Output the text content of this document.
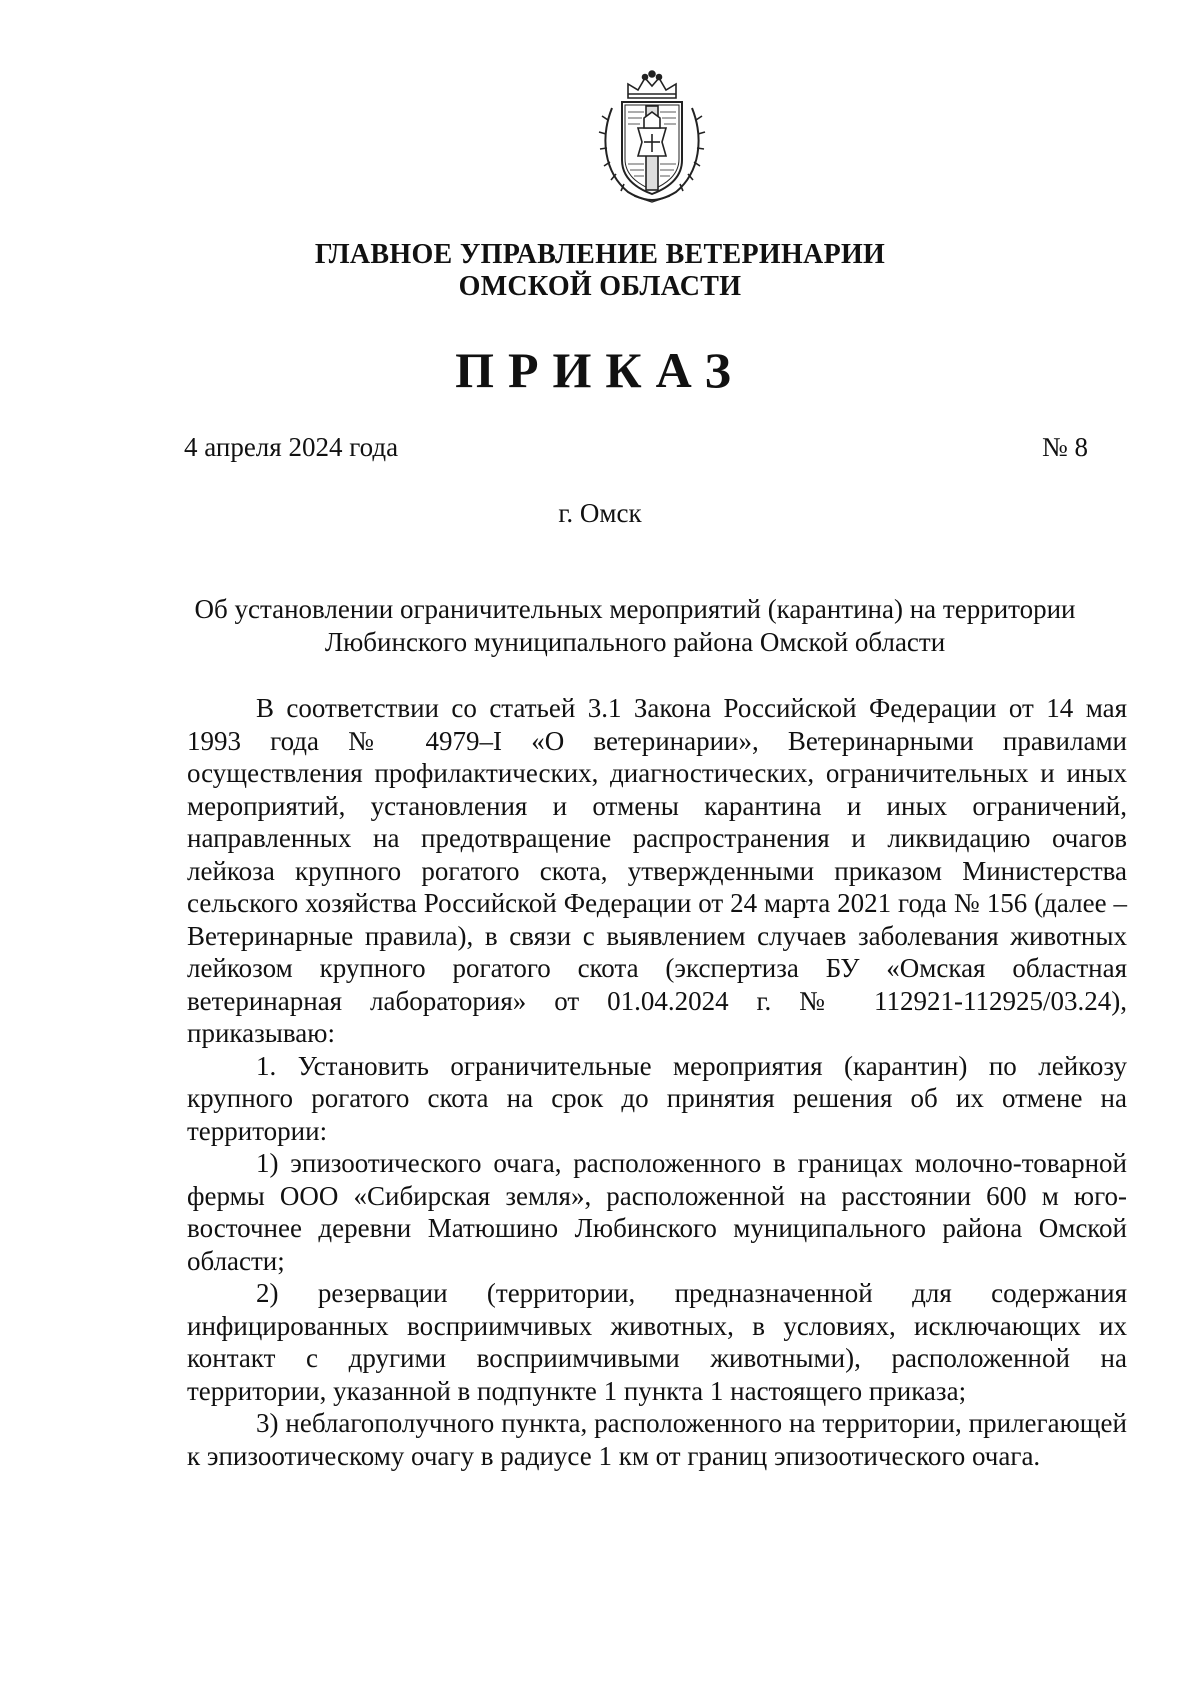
ГЛАВНОЕ УПРАВЛЕНИЕ ВЕТЕРИНАРИИ
ОМСКОЙ ОБЛАСТИ
ПРИКАЗ
4 апреля 2024 года	№ 8
г. Омск
Об установлении ограничительных мероприятий (карантина) на территории
Любинского муниципального района Омской области

В соответствии со статьей 3.1 Закона Российской Федерации от 14 мая 1993 года № 4979–I «О ветеринарии», Ветеринарными правилами осуществления профилактических, диагностических, ограничительных и иных мероприятий, установления и отмены карантина и иных ограничений, направленных на предотвращение распространения и ликвидацию очагов лейкоза крупного рогатого скота, утвержденными приказом Министерства сельского хозяйства Российской Федерации от 24 марта 2021 года № 156 (далее – Ветеринарные правила), в связи с выявлением случаев заболевания животных лейкозом крупного рогатого скота (экспертиза БУ «Омская областная ветеринарная лаборатория» от 01.04.2024 г. № 112921-112925/03.24), приказываю:

1. Установить ограничительные мероприятия (карантин) по лейкозу крупного рогатого скота на срок до принятия решения об их отмене на территории:

1) эпизоотического очага, расположенного в границах молочно-товарной фермы ООО «Сибирская земля», расположенной на расстоянии 600 м юго-восточнее деревни Матюшино Любинского муниципального района Омской области;

2) резервации (территории, предназначенной для содержания инфицированных восприимчивых животных, в условиях, исключающих их контакт с другими восприимчивыми животными), расположенной на территории, указанной в подпункте 1 пункта 1 настоящего приказа;

3) неблагополучного пункта, расположенного на территории, прилегающей к эпизоотическому очагу в радиусе 1 км от границ эпизоотического очага.
